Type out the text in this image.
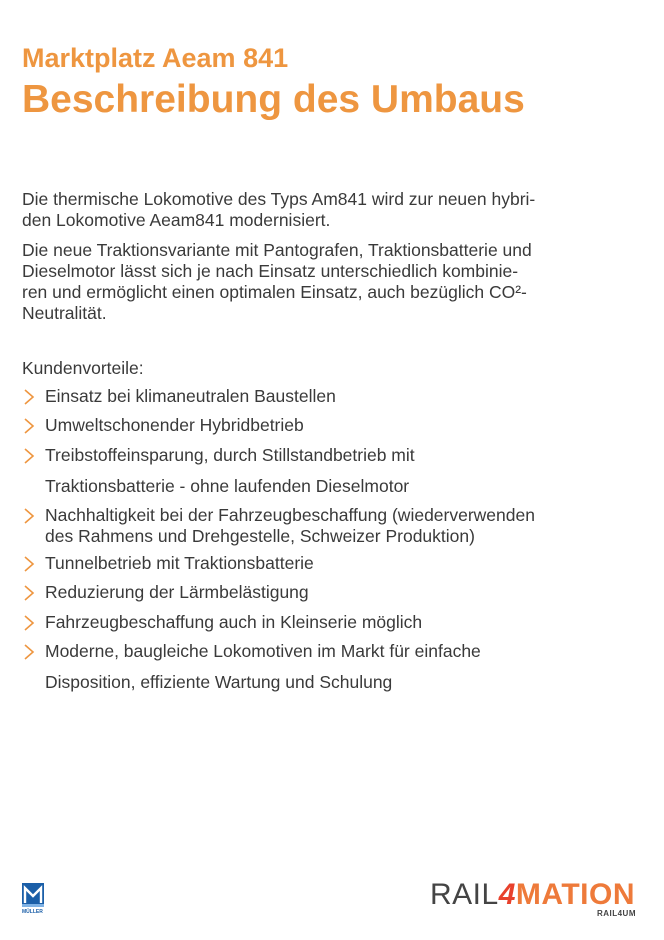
Marktplatz Aeam 841
Beschreibung des Umbaus

Die thermische Lokomotive des Typs Am841 wird zur neuen hybri-
den Lokomotive Aeam841 modernisiert.

Die neue Traktionsvariante mit Pantografen, Traktionsbatterie und
Dieselmotor lässt sich je nach Einsatz unterschiedlich kombinie-
ren und ermöglicht einen optimalen Einsatz, auch bezüglich CO²-
Neutralität.

Kundenvorteile:

Einsatz bei klimaneutralen Baustellen
Umweltschonender Hybridbetrieb
Treibstoffeinsparung, durch Stillstandbetrieb mit
Traktionsbatterie - ohne laufenden Dieselmotor
Nachhaltigkeit bei der Fahrzeugbeschaffung (wiederverwenden
des Rahmens und Drehgestelle, Schweizer Produktion)
Tunnelbetrieb mit Traktionsbatterie
Reduzierung der Lärmbelästigung
Fahrzeugbeschaffung auch in Kleinserie möglich
Moderne, baugleiche Lokomotiven im Markt für einfache
Disposition, effiziente Wartung und Schulung
MÜLLER
RAIL4MATION
RAIL4UM
